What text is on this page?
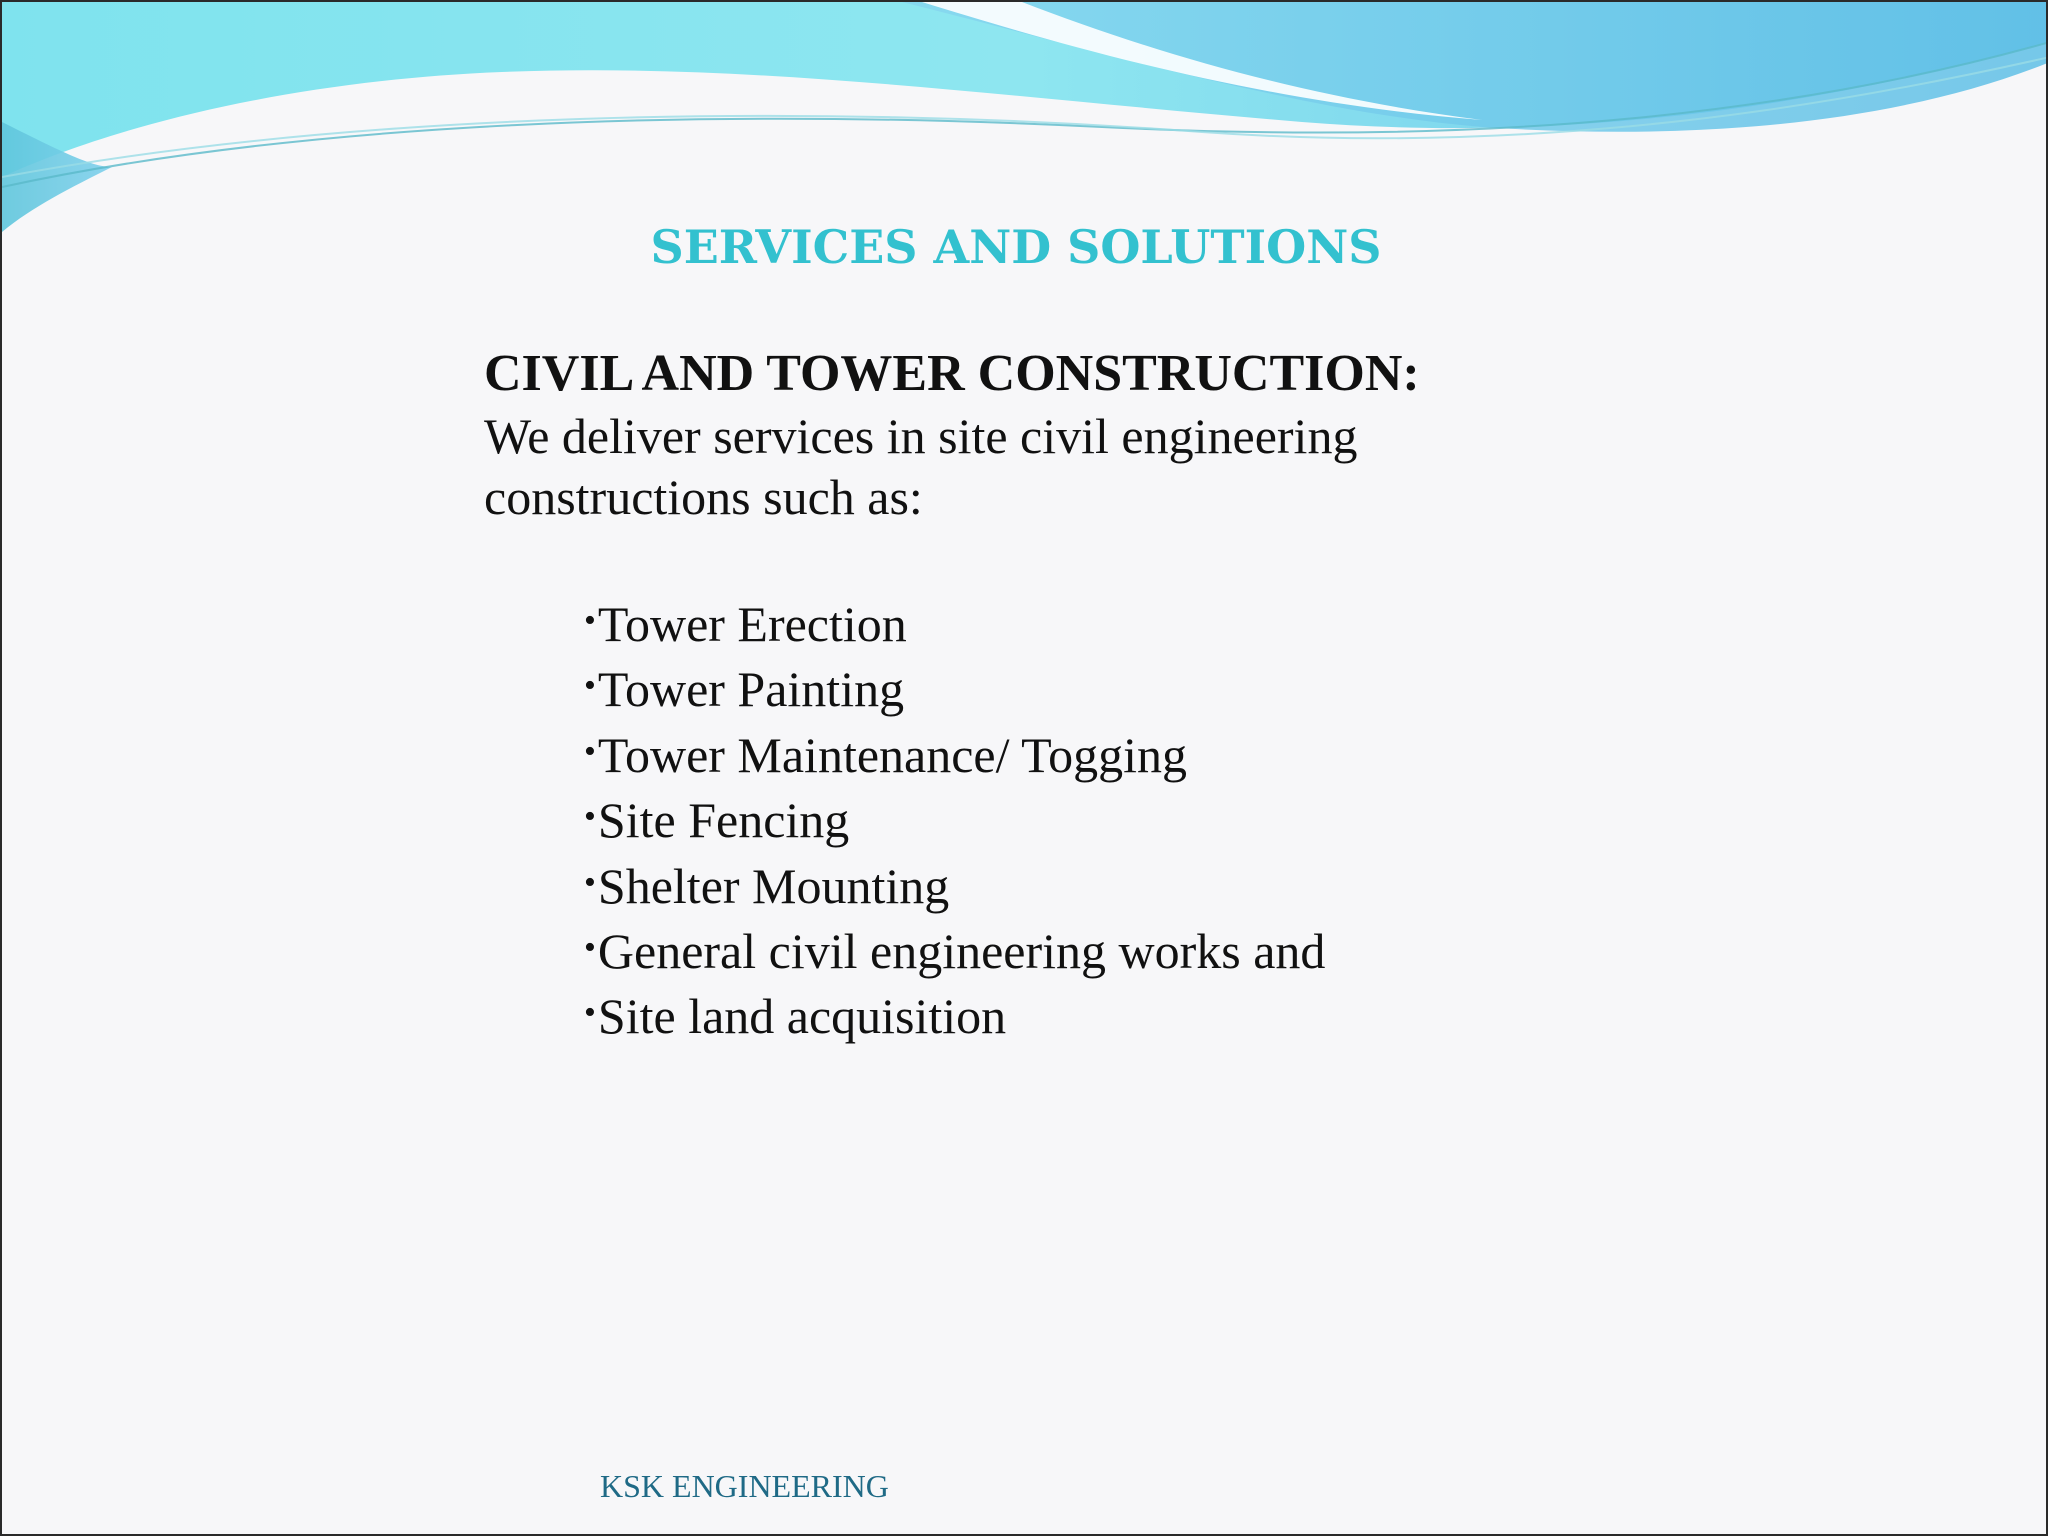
SERVICES AND SOLUTIONS
CIVIL AND TOWER CONSTRUCTION:

We deliver services in site civil engineering constructions such as:

•Tower Erection
•Tower Painting
•Tower Maintenance/ Togging
•Site Fencing
•Shelter Mounting
•General civil engineering works and
•Site land acquisition

KSK ENGINEERING
